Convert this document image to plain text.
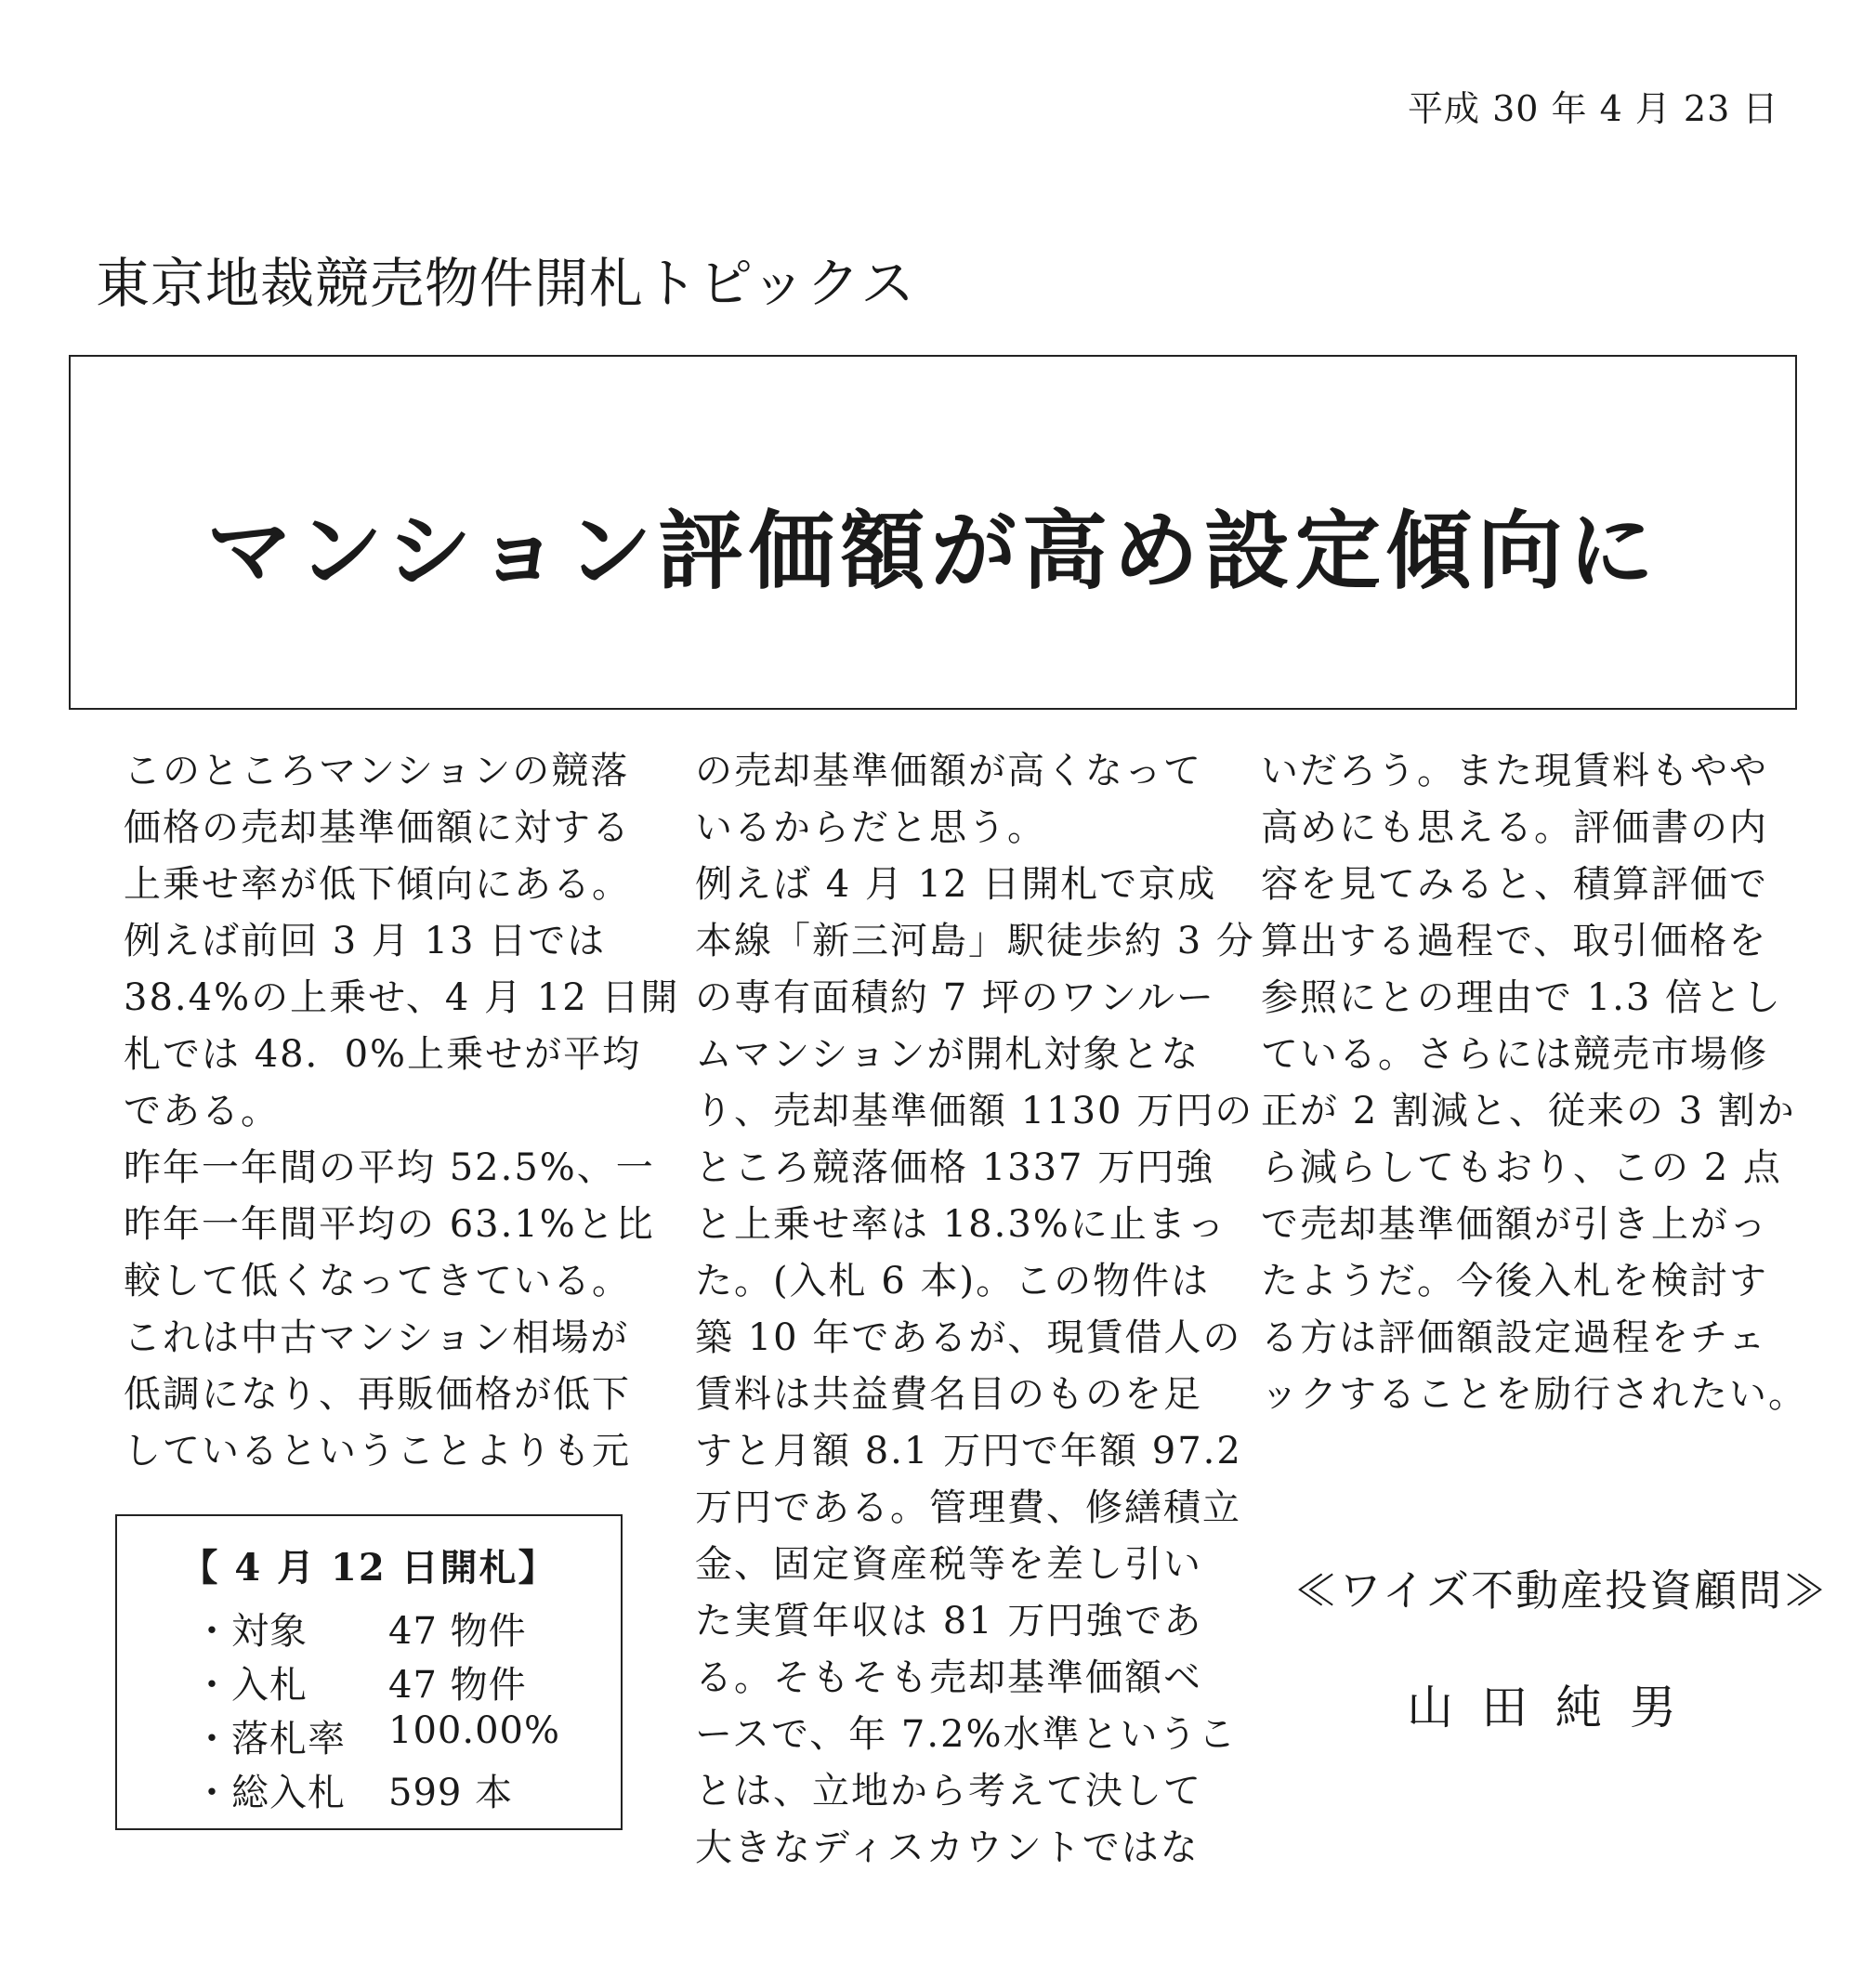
平成 30 年 4 月 23 日
東京地裁競売物件開札トピックス
マンション評価額が高め設定傾向に
このところマンションの競落
価格の売却基準価額に対する
上乗せ率が低下傾向にある。
例えば前回 3 月 13 日では
38.4%の上乗せ、4 月 12 日開
札では 48．0%上乗せが平均
である。
昨年一年間の平均 52.5%、一
昨年一年間平均の 63.1%と比
較して低くなってきている。
これは中古マンション相場が
低調になり、再販価格が低下
しているということよりも元
の売却基準価額が高くなって
いるからだと思う。
例えば 4 月 12 日開札で京成
本線「新三河島」駅徒歩約 3 分
の専有面積約 7 坪のワンルー
ムマンションが開札対象とな
り、売却基準価額 1130 万円の
ところ競落価格 1337 万円強
と上乗せ率は 18.3%に止まっ
た。(入札 6 本)。この物件は
築 10 年であるが、現賃借人の
賃料は共益費名目のものを足
すと月額 8.1 万円で年額 97.2
万円である。管理費、修繕積立
金、固定資産税等を差し引い
た実質年収は 81 万円強であ
る。そもそも売却基準価額ベ
ースで、年 7.2%水準というこ
とは、立地から考えて決して
大きなディスカウントではな
いだろう。また現賃料もやや
高めにも思える。評価書の内
容を見てみると、積算評価で
算出する過程で、取引価格を
参照にとの理由で 1.3 倍とし
ている。さらには競売市場修
正が 2 割減と、従来の 3 割か
ら減らしてもおり、この 2 点
で売却基準価額が引き上がっ
たようだ。今後入札を検討す
る方は評価額設定過程をチェ
ックすることを励行されたい。
【 4 月 12 日開札】
・対象 47 物件
・入札 47 物件
・落札率 100.00%
・総入札 599 本
≪ワイズ不動産投資顧問≫
山田純男
